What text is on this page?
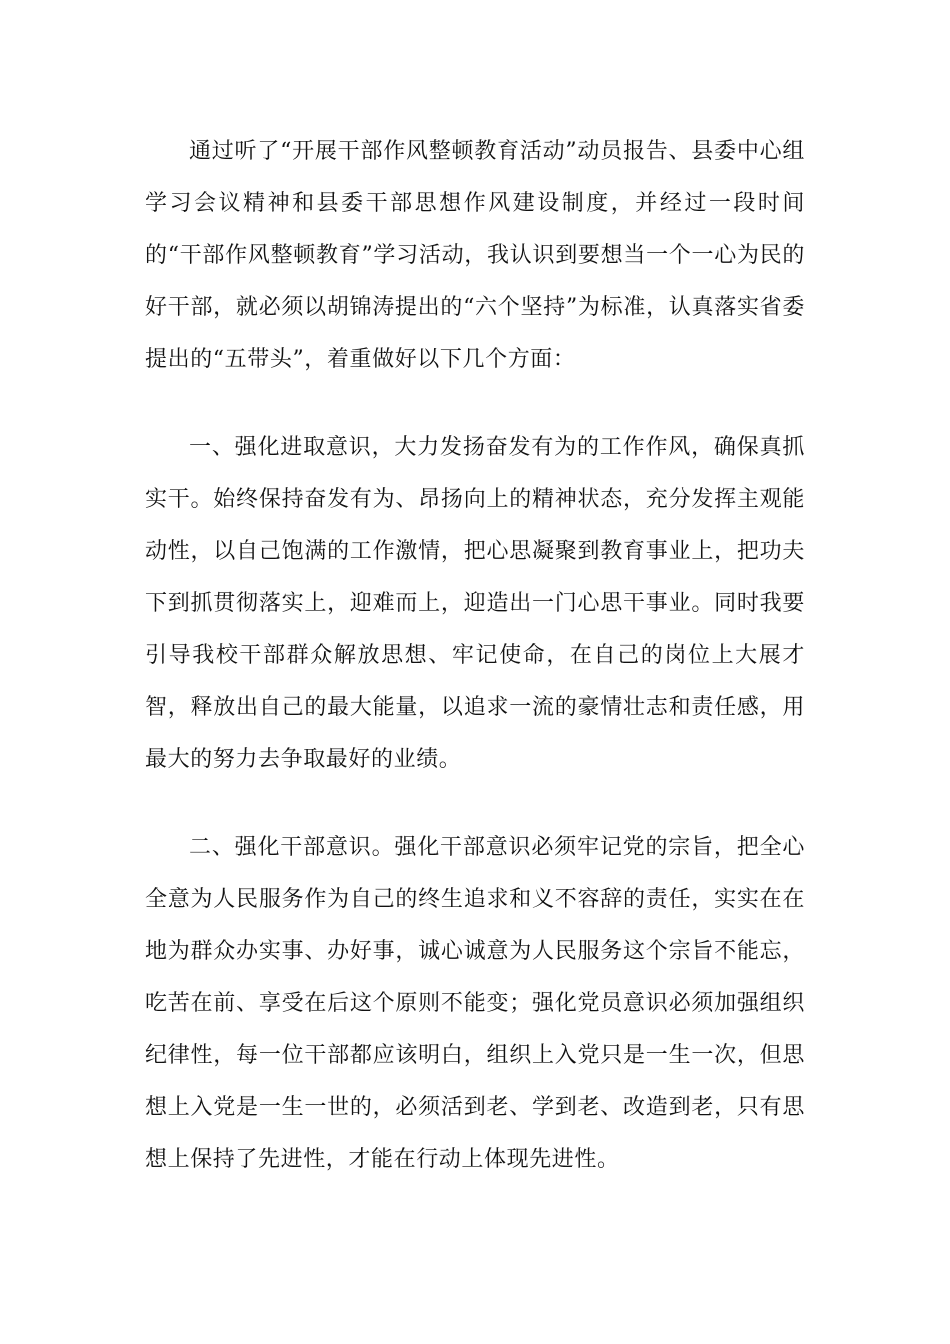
通过听了“开展干部作风整顿教育活动”动员报告、县委中心组学习会议精神和县委干部思想作风建设制度，并经过一段时间的“干部作风整顿教育”学习活动，我认识到要想当一个一心为民的好干部，就必须以胡锦涛提出的“六个坚持”为标准，认真落实省委提出的“五带头”，着重做好以下几个方面：

一、强化进取意识，大力发扬奋发有为的工作作风，确保真抓实干。始终保持奋发有为、昂扬向上的精神状态，充分发挥主观能动性，以自己饱满的工作激情，把心思凝聚到教育事业上，把功夫下到抓贯彻落实上，迎难而上，迎造出一门心思干事业。同时我要引导我校干部群众解放思想、牢记使命，在自己的岗位上大展才智，释放出自己的最大能量，以追求一流的豪情壮志和责任感，用最大的努力去争取最好的业绩。

二、强化干部意识。强化干部意识必须牢记党的宗旨，把全心全意为人民服务作为自己的终生追求和义不容辞的责任，实实在在地为群众办实事、办好事，诚心诚意为人民服务这个宗旨不能忘，吃苦在前、享受在后这个原则不能变；强化党员意识必须加强组织纪律性，每一位干部都应该明白，组织上入党只是一生一次，但思想上入党是一生一世的，必须活到老、学到老、改造到老，只有思想上保持了先进性，才能在行动上体现先进性。
